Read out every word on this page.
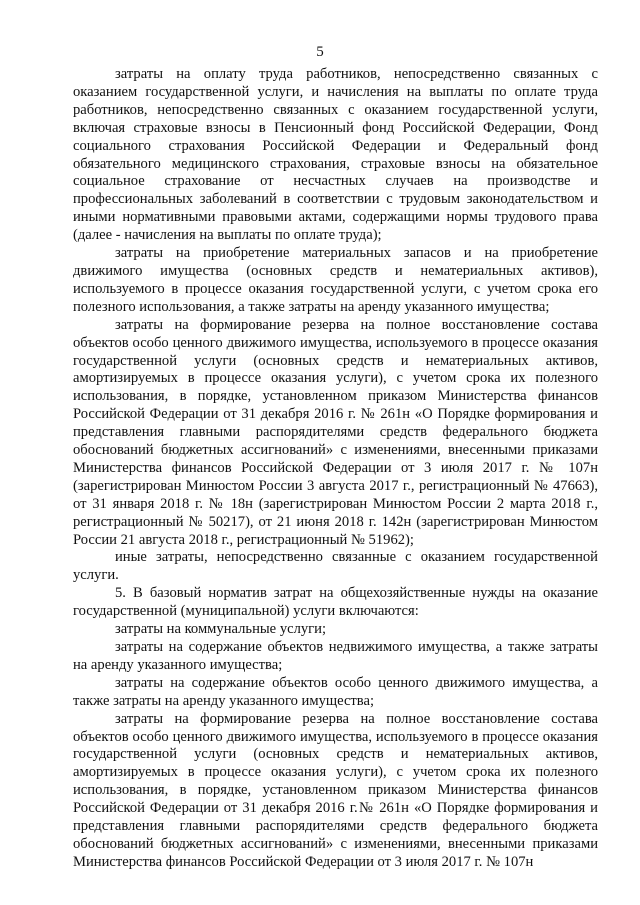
5

затраты на оплату труда работников, непосредственно связанных с оказанием государственной услуги, и начисления на выплаты по оплате труда работников, непосредственно связанных с оказанием государственной услуги, включая страховые взносы в Пенсионный фонд Российской Федерации, Фонд социального страхования Российской Федерации и Федеральный фонд обязательного медицинского страхования, страховые взносы на обязательное социальное страхование от несчастных случаев на производстве и профессиональных заболеваний в соответствии с трудовым законодательством и иными нормативными правовыми актами, содержащими нормы трудового права (далее - начисления на выплаты по оплате труда);

затраты на приобретение материальных запасов и на приобретение движимого имущества (основных средств и нематериальных активов), используемого в процессе оказания государственной услуги, с учетом срока его полезного использования, а также затраты на аренду указанного имущества;

затраты на формирование резерва на полное восстановление состава объектов особо ценного движимого имущества, используемого в процессе оказания государственной услуги (основных средств и нематериальных активов, амортизируемых в процессе оказания услуги), с учетом срока их полезного использования, в порядке, установленном приказом Министерства финансов Российской Федерации от 31 декабря 2016 г. № 261н «О Порядке формирования и представления главными распорядителями средств федерального бюджета обоснований бюджетных ассигнований» с изменениями, внесенными приказами Министерства финансов Российской Федерации от 3 июля 2017 г. № 107н (зарегистрирован Минюстом России 3 августа 2017 г., регистрационный № 47663), от 31 января 2018 г. № 18н (зарегистрирован Минюстом России 2 марта 2018 г., регистрационный № 50217), от 21 июня 2018 г. 142н (зарегистрирован Минюстом России 21 августа 2018 г., регистрационный № 51962);

иные затраты, непосредственно связанные с оказанием государственной услуги.

5. В базовый норматив затрат на общехозяйственные нужды на оказание государственной (муниципальной) услуги включаются:

затраты на коммунальные услуги;

затраты на содержание объектов недвижимого имущества, а также затраты на аренду указанного имущества;

затраты на содержание объектов особо ценного движимого имущества, а также затраты на аренду указанного имущества;

затраты на формирование резерва на полное восстановление состава объектов особо ценного движимого имущества, используемого в процессе оказания государственной услуги (основных средств и нематериальных активов, амортизируемых в процессе оказания услуги), с учетом срока их полезного использования, в порядке, установленном приказом Министерства финансов Российской Федерации от 31 декабря 2016 г.№ 261н «О Порядке формирования и представления главными распорядителями средств федерального бюджета обоснований бюджетных ассигнований» с изменениями, внесенными приказами Министерства финансов Российской Федерации от 3 июля 2017 г. № 107н
